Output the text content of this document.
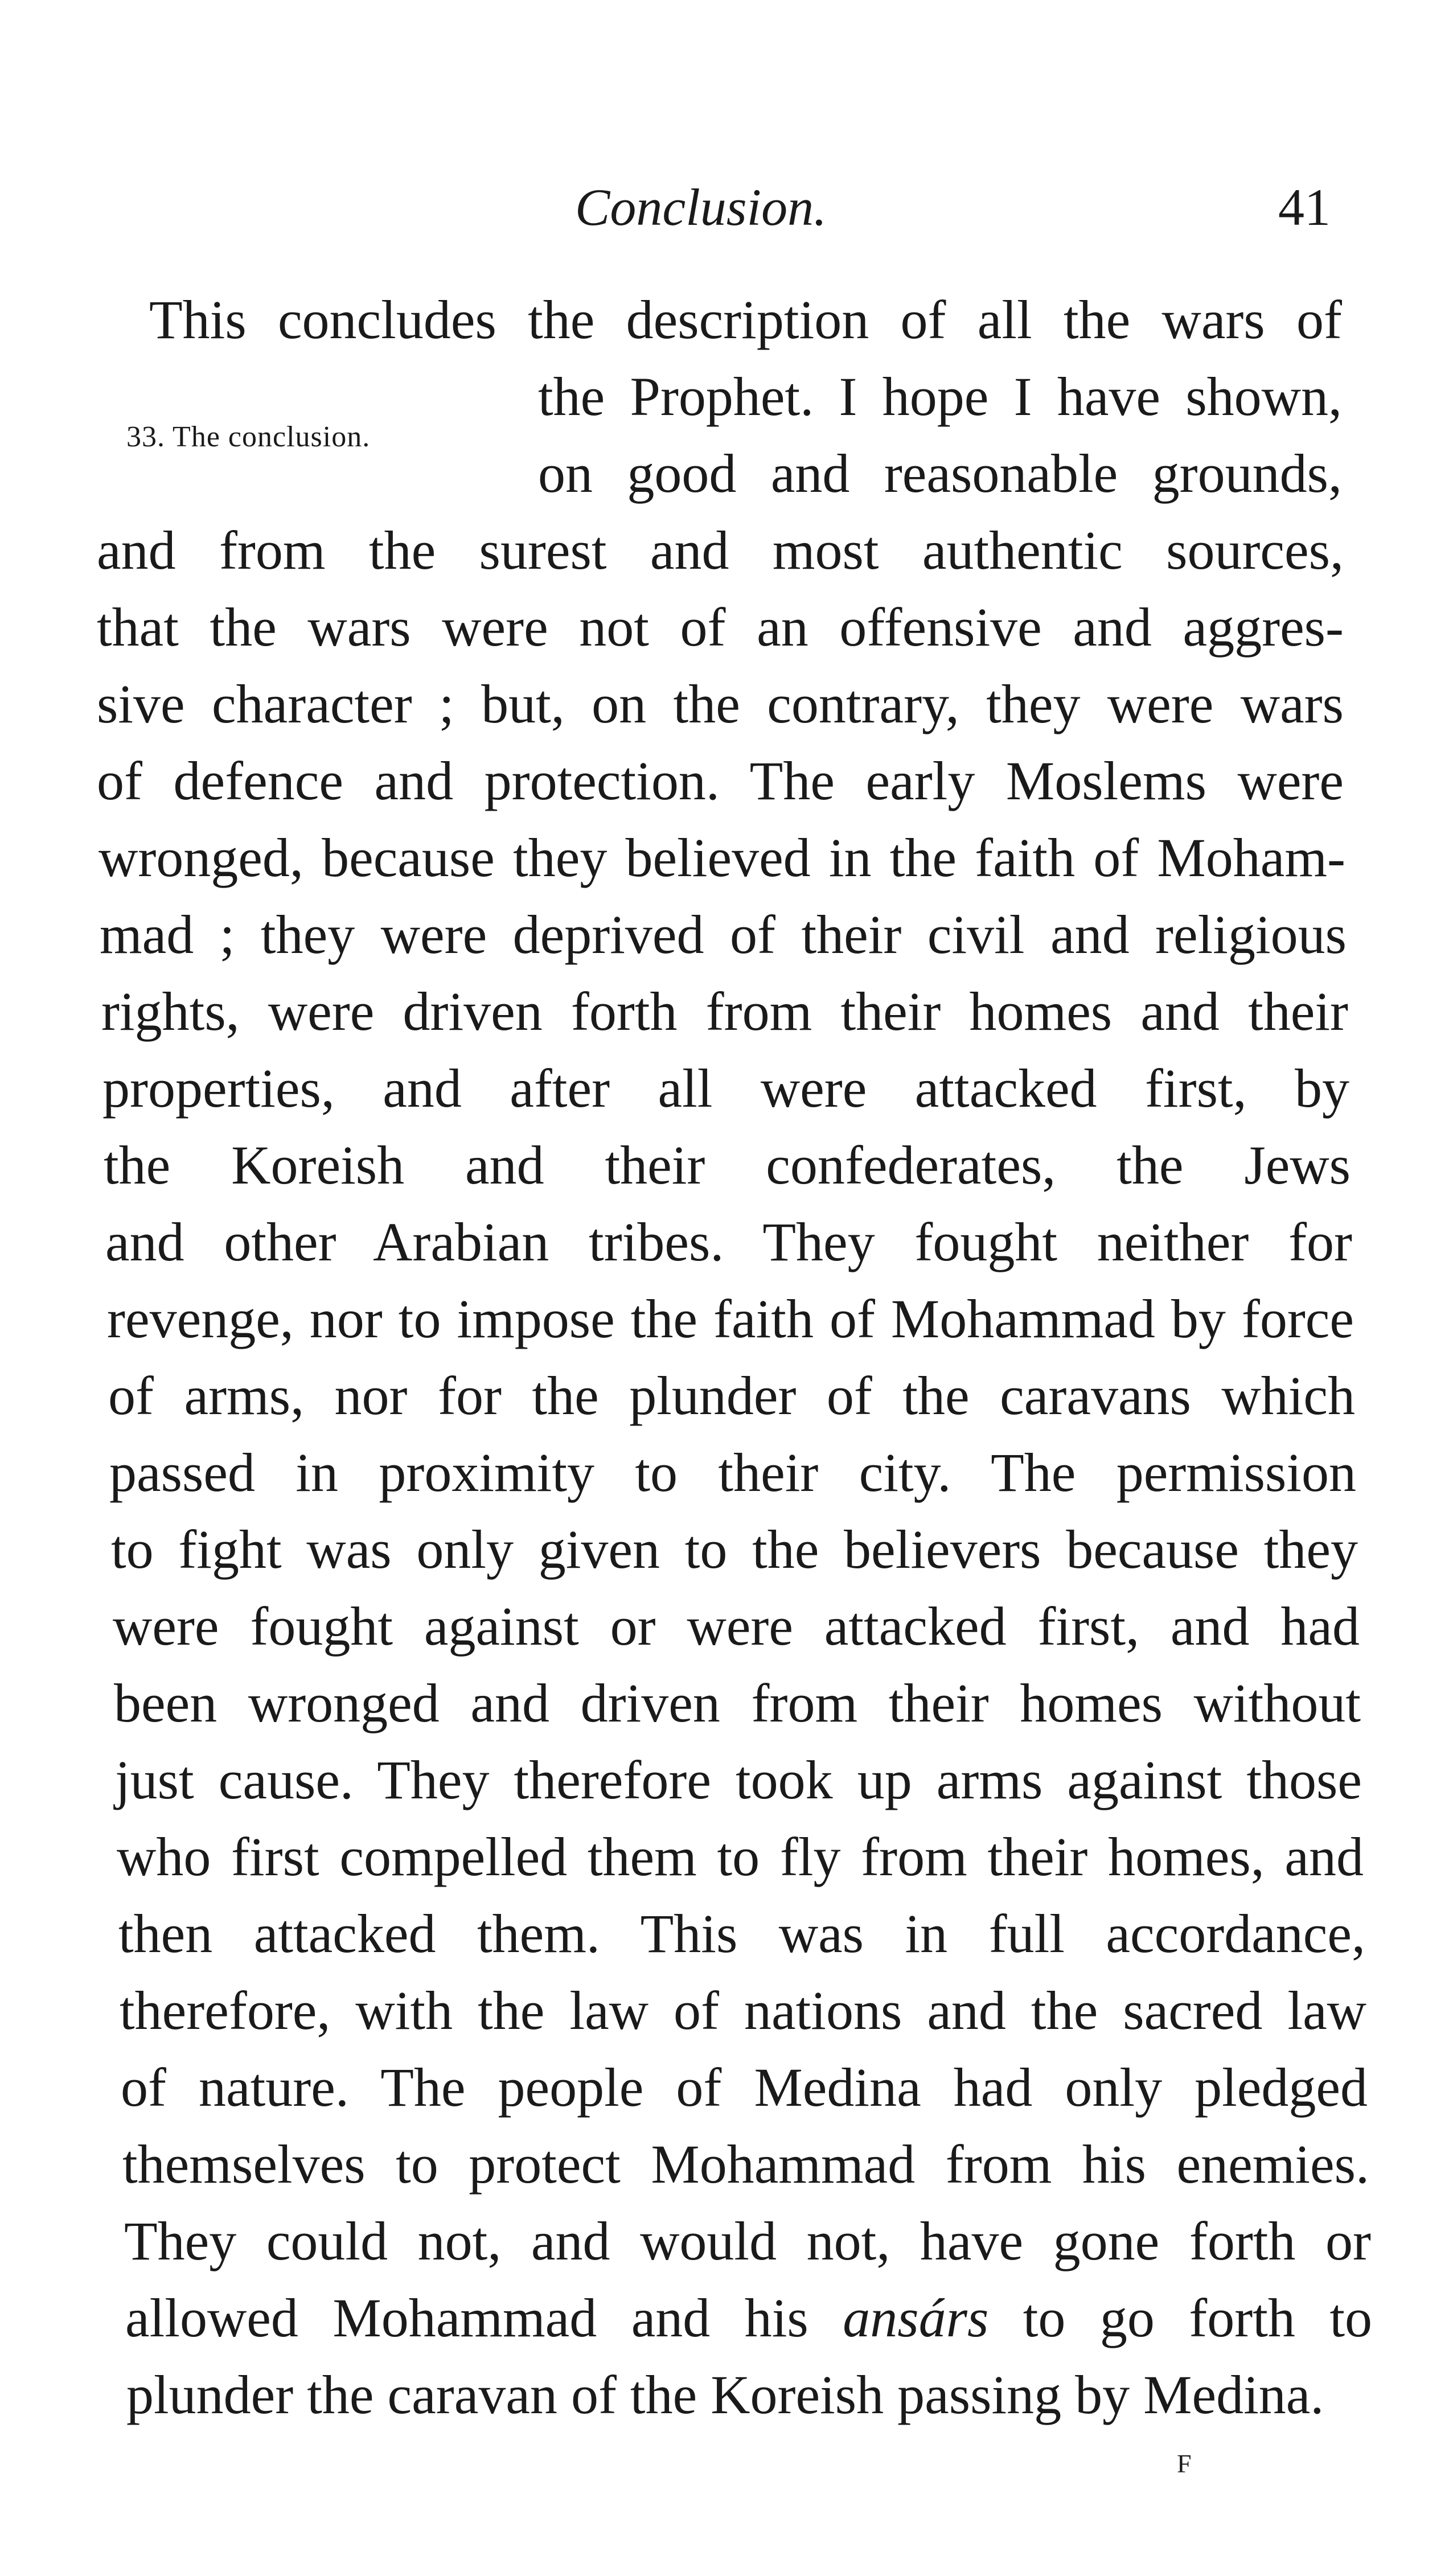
Conclusion.	41
33. The conclusion.
This concludes the description of all the wars of
the Prophet. I hope I have shown,
on good and reasonable grounds,
and from the surest and most authentic sources,
that the wars were not of an offensive and aggres-
sive character ; but, on the contrary, they were wars
of defence and protection. The early Moslems were
wronged, because they believed in the faith of Moham-
mad ; they were deprived of their civil and religious
rights, were driven forth from their homes and their
properties, and after all were attacked first, by
the Koreish and their confederates, the Jews
and other Arabian tribes. They fought neither for
revenge, nor to impose the faith of Mohammad by force
of arms, nor for the plunder of the caravans which
passed in proximity to their city. The permission
to fight was only given to the believers because they
were fought against or were attacked first, and had
been wronged and driven from their homes without
just cause. They therefore took up arms against those
who first compelled them to fly from their homes, and
then attacked them. This was in full accordance,
therefore, with the law of nations and the sacred law
of nature. The people of Medina had only pledged
themselves to protect Mohammad from his enemies.
They could not, and would not, have gone forth or
allowed Mohammad and his ansárs to go forth to
plunder the caravan of the Koreish passing by Medina.
F
